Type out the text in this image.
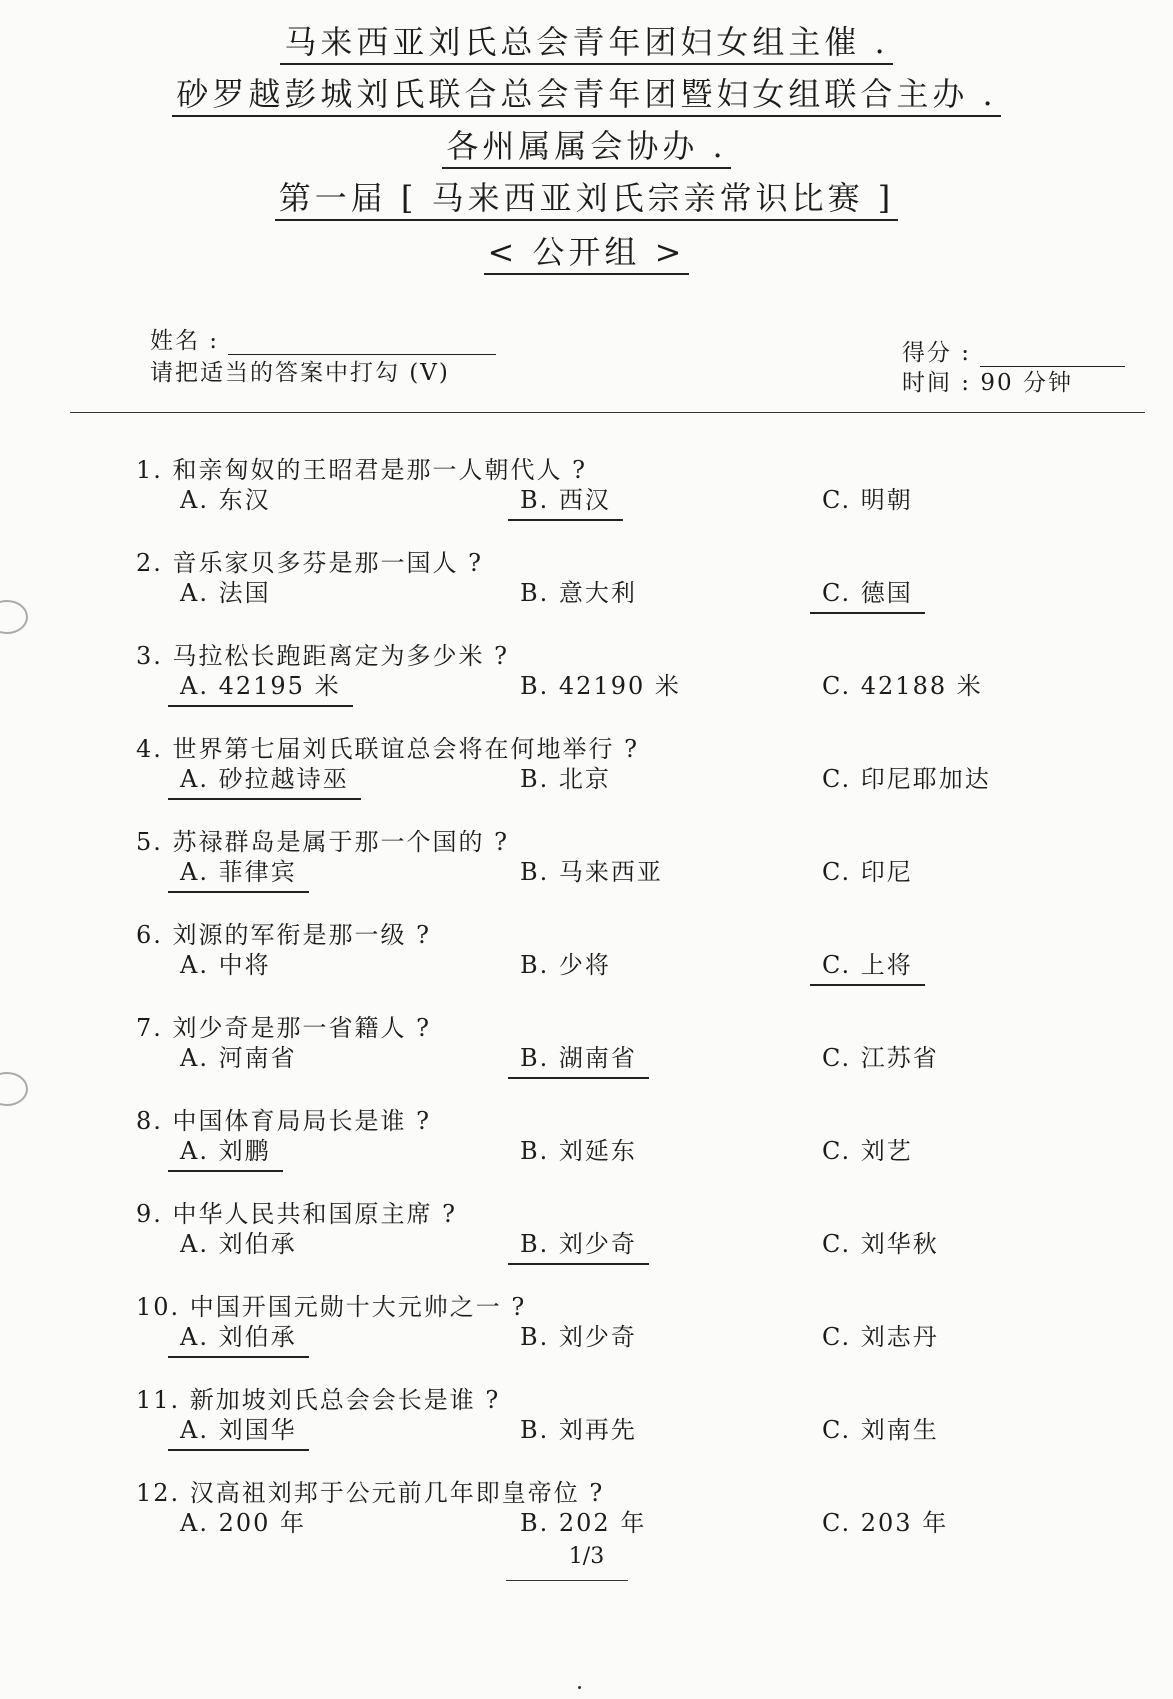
马来西亚刘氏总会青年团妇女组主催 .
砂罗越彭城刘氏联合总会青年团暨妇女组联合主办 .
各州属属会协办 .
第一届 [ 马来西亚刘氏宗亲常识比赛 ]
< 公开组 >
姓名 :
请把适当的答案中打勾 (V)
得分 :
时间 : 90 分钟
1. 和亲匈奴的王昭君是那一人朝代人 ?
A. 东汉	B. 西汉	C. 明朝
2. 音乐家贝多芬是那一国人 ?
A. 法国	B. 意大利	C. 德国
3. 马拉松长跑距离定为多少米 ?
A. 42195 米	B. 42190 米	C. 42188 米
4. 世界第七届刘氏联谊总会将在何地举行 ?
A. 砂拉越诗巫	B. 北京	C. 印尼耶加达
5. 苏禄群岛是属于那一个国的 ?
A. 菲律宾	B. 马来西亚	C. 印尼
6. 刘源的军衔是那一级 ?
A. 中将	B. 少将	C. 上将
7. 刘少奇是那一省籍人 ?
A. 河南省	B. 湖南省	C. 江苏省
8. 中国体育局局长是谁 ?
A. 刘鹏	B. 刘延东	C. 刘艺
9. 中华人民共和国原主席 ?
A. 刘伯承	B. 刘少奇	C. 刘华秋
10. 中国开国元勋十大元帅之一 ?
A. 刘伯承	B. 刘少奇	C. 刘志丹
11. 新加坡刘氏总会会长是谁 ?
A. 刘国华	B. 刘再先	C. 刘南生
12. 汉高祖刘邦于公元前几年即皇帝位 ?
A. 200 年	B. 202 年	C. 203 年
1/3
